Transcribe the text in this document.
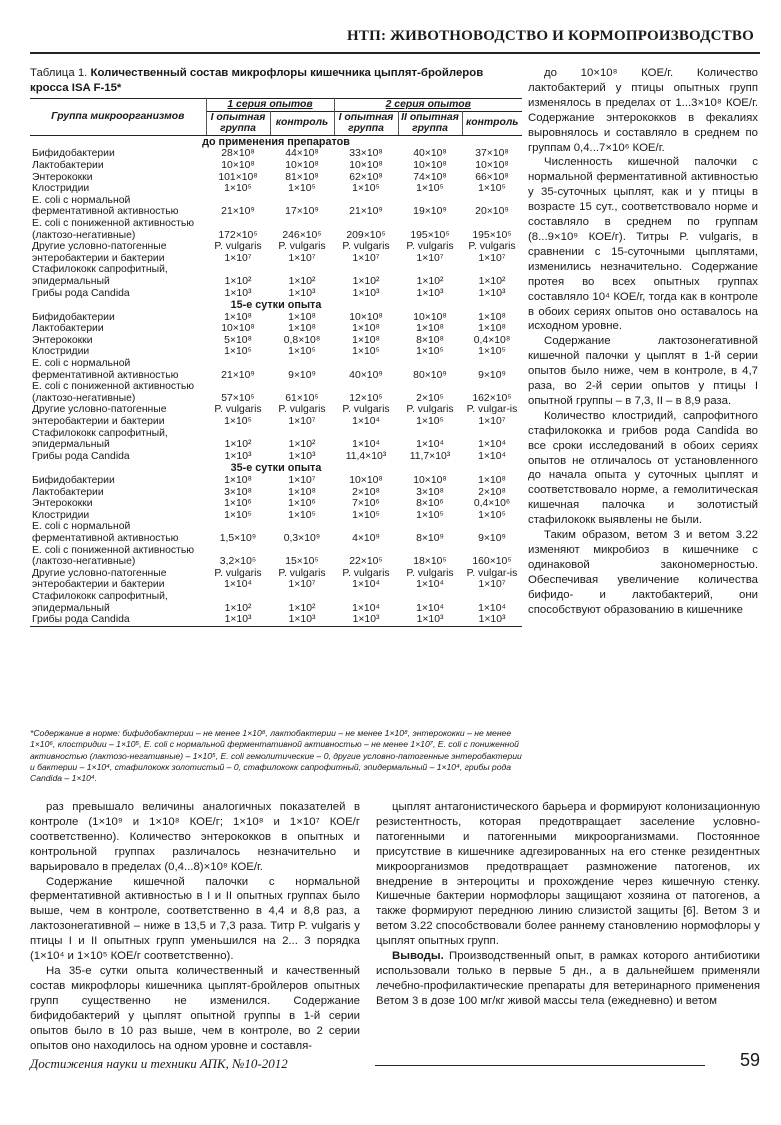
НТП: ЖИВОТНОВОДСТВО И КОРМОПРОИЗВОДСТВО
Таблица 1. Количественный состав микрофлоры кишечника цыплят-бройлеров кросса ISA F-15*
Группа микроорганизмов	1 серия опытов		2 серия опытов		
	I опытная группа	контроль	I опытная группа	II опытная группа	контроль
до применения препаратов					
Бифидобактерии	28×10⁸	44×10⁸	33×10⁸	40×10⁸	37×10⁸
Лактобактерии	10×10⁸	10×10⁸	10×10⁸	10×10⁸	10×10⁸
Энтерококки	101×10⁸	81×10⁸	62×10⁸	74×10⁸	66×10⁸
Клостридии	1×10⁵	1×10⁵	1×10⁵	1×10⁵	1×10⁵
E. coli с нормальной ферментативной активностью	21×10⁹	17×10⁹	21×10⁹	19×10⁹	20×10⁹
E. coli с пониженной активностью (лактозо-негативные)	172×10⁵	246×10⁵	209×10⁵	195×10⁵	195×10⁵
Другие условно-патогенные энтеробактерии и бактерии	P. vulgaris 1×10⁷	P. vulgaris 1×10⁷	P. vulgaris 1×10⁷	P. vulgaris 1×10⁷	P. vulgaris 1×10⁷
Стафилококк сапрофитный, эпидермальный	1×10²	1×10²	1×10²	1×10²	1×10²
Грибы рода Candida	1×10³	1×10³	1×10³	1×10³	1×10³
15-е сутки опыта					
Бифидобактерии	1×10⁸	1×10⁸	10×10⁸	10×10⁸	1×10⁸
Лактобактерии	10×10⁸	1×10⁸	1×10⁸	1×10⁸	1×10⁸
Энтерококки	5×10⁸	0,8×10⁸	1×10⁸	8×10⁸	0,4×10⁸
Клостридии	1×10⁵	1×10⁵	1×10⁵	1×10⁵	1×10⁵
E. coli с нормальной ферментативной активностью	21×10⁹	9×10⁹	40×10⁹	80×10⁹	9×10⁹
E. coli с пониженной активностью (лактозо-негативные)	57×10⁵	61×10⁵	12×10⁵	2×10⁵	162×10⁵
Другие условно-патогенные энтеробактерии и бактерии	P. vulgaris 1×10⁵	P. vulgaris 1×10⁷	P. vulgaris 1×10⁴	P. vulgaris 1×10⁵	P. vulgar-is 1×10⁷
Стафилококк сапрофитный, эпидермальный	1×10²	1×10²	1×10⁴	1×10⁴	1×10⁴
Грибы рода Candida	1×10³	1×10³	11,4×10³	11,7×10³	1×10⁴
35-е сутки опыта					
Бифидобактерии	1×10⁸	1×10⁷	10×10⁸	10×10⁸	1×10⁸
Лактобактерии	3×10⁸	1×10⁸	2×10⁸	3×10⁸	2×10⁸
Энтерококки	1×10⁶	1×10⁶	7×10⁶	8×10⁶	0,4×10⁶
Клостридии	1×10⁵	1×10⁵	1×10⁵	1×10⁵	1×10⁵
E. coli с нормальной ферментативной активностью	1,5×10⁹	0,3×10⁹	4×10⁹	8×10⁹	9×10⁹
E. coli с пониженной активностью (лактозо-негативные)	3,2×10⁵	15×10⁵	22×10⁵	18×10⁵	160×10⁵
Другие условно-патогенные энтеробактерии и бактерии	P. vulgaris 1×10⁴	P. vulgaris 1×10⁷	P. vulgaris 1×10⁴	P. vulgaris 1×10⁴	P. vulgar-is 1×10⁷
Стафилококк сапрофитный, эпидермальный	1×10²	1×10²	1×10⁴	1×10⁴	1×10⁴
Грибы рода Candida	1×10³	1×10³	1×10³	1×10³	1×10³
*Содержание в норме: бифидобактерии – не менее 1×10⁸, лактобактерии – не менее 1×10⁸, энтерококки – не менее 1×10⁶, клостридии – 1×10⁵, E. coli с нормальной ферментативной активностью – не менее 1×10⁷, E. coli с пониженной активностью (лактозо-негативные) – 1×10⁵, E. coli гемолитические – 0, другие условно-патогенные энтеробактерии и бактерии – 1×10⁴, стафилококк золотистый – 0, стафилококк сапрофитный, эпидермальный – 1×10⁴, грибы рода Candida – 1×10⁴.

до 10×10⁸ КОЕ/г. Количество лактобактерий у птицы опытных групп изменялось в пределах от 1...3×10⁸ КОЕ/г. Содержание энтерококков в фекалиях выровнялось и составляло в среднем по группам 0,4...7×10⁶ КОЕ/г.

Численность кишечной палочки с нормальной ферментативной активностью у 35-суточных цыплят, как и у птицы в возрасте 15 сут., соответствовало норме и составляло в среднем по группам (8...9×10⁹ КОЕ/г). Титры P. vulgaris, в сравнении с 15-суточными цыплятами, изменились незначительно. Содержание протея во всех опытных группах составляло 10⁴ КОЕ/г, тогда как в контроле в обоих сериях опытов оно оставалось на исходном уровне.

Содержание лактозонегативной кишечной палочки у цыплят в 1-й серии опытов было ниже, чем в контроле, в 4,7 раза, во 2-й серии опытов у птицы I опытной группы – в 7,3, II – в 8,9 раза.

Количество клостридий, сапрофитного стафилококка и грибов рода Candida во все сроки исследований в обоих сериях опытов не отличалось от установленного до начала опыта у суточных цыплят и соответствовало норме, а гемолитическая кишечная палочка и золотистый стафилококк выявлены не были.

Таким образом, ветом 3 и ветом 3.22 изменяют микробиоз в кишечнике с одинаковой закономерностью. Обеспечивая увеличение количества бифидо- и лактобактерий, они способствуют образованию в кишечнике

раз превышало величины аналогичных показателей в контроле (1×10⁹ и 1×10⁸ КОЕ/г; 1×10⁸ и 1×10⁷ КОЕ/г соответственно). Количество энтерококков в опытных и контрольной группах различалось незначительно и варьировало в пределах (0,4...8)×10⁸ КОЕ/г.

Содержание кишечной палочки с нормальной ферментативной активностью в I и II опытных группах было выше, чем в контроле, соответственно в 4,4 и 8,8 раз, а лактозонегативной – ниже в 13,5 и 7,3 раза. Титр P. vulgaris у птицы I и II опытных групп уменьшился на 2... 3 порядка (1×10⁴ и 1×10⁵ КОЕ/г соответственно).

На 35-е сутки опыта количественный и качественный состав микрофлоры кишечника цыплят-бройлеров опытных групп существенно не изменился. Содержание бифидобактерий у цыплят опытной группы в 1-й серии опытов было в 10 раз выше, чем в контроле, во 2 серии опытов оно находилось на одном уровне и составля-

цыплят антагонистического барьера и формируют колонизационную резистентность, которая предотвращает заселение условно-патогенными и патогенными микроорганизмами. Постоянное присутствие в кишечнике адгезированных на его стенке резидентных микроорганизмов предотвращает размножение патогенов, их внедрение в энтероциты и прохождение через кишечную стенку. Кишечные бактерии нормофлоры защищают хозяина от патогенов, а также формируют переднюю линию слизистой защиты [6]. Ветом 3 и ветом 3.22 способствовали более раннему становлению нормофлоры у цыплят опытных групп.

Выводы. Производственный опыт, в рамках которого антибиотики использовали только в первые 5 дн., а в дальнейшем применяли лечебно-профилактические препараты для ветеринарного применения Ветом 3 в дозе 100 мг/кг живой массы тела (ежедневно) и ветом

Достижения науки и техники АПК, №10-2012	59
